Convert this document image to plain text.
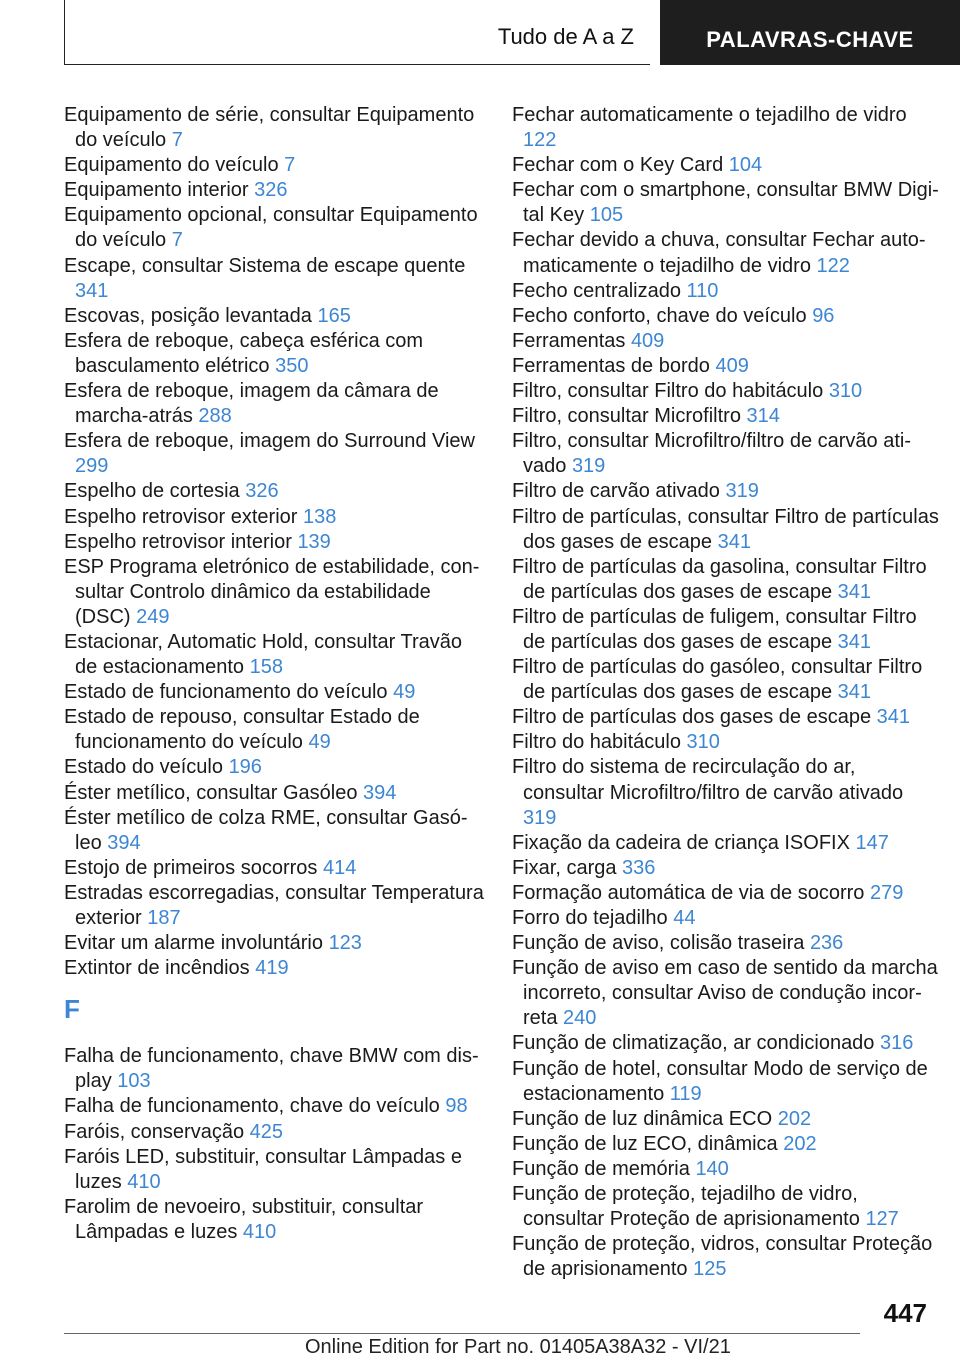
Tudo de A a Z	PALAVRAS-CHAVE
Equipamento de série, consultar Equipamento do veículo 7
Equipamento do veículo 7
Equipamento interior 326
Equipamento opcional, consultar Equipamento do veículo 7
Escape, consultar Sistema de escape quente 341
Escovas, posição levantada 165
Esfera de reboque, cabeça esférica com basculamento elétrico 350
Esfera de reboque, imagem da câmara de marcha-atrás 288
Esfera de reboque, imagem do Surround View 299
Espelho de cortesia 326
Espelho retrovisor exterior 138
Espelho retrovisor interior 139
ESP Programa eletrónico de estabilidade, consultar Controlo dinâmico da estabilidade (DSC) 249
Estacionar, Automatic Hold, consultar Travão de estacionamento 158
Estado de funcionamento do veículo 49
Estado de repouso, consultar Estado de funcionamento do veículo 49
Estado do veículo 196
Éster metílico, consultar Gasóleo 394
Éster metílico de colza RME, consultar Gasóleo 394
Estojo de primeiros socorros 414
Estradas escorregadias, consultar Temperatura exterior 187
Evitar um alarme involuntário 123
Extintor de incêndios 419
F
Falha de funcionamento, chave BMW com display 103
Falha de funcionamento, chave do veículo 98
Faróis, conservação 425
Faróis LED, substituir, consultar Lâmpadas e luzes 410
Farolim de nevoeiro, substituir, consultar Lâmpadas e luzes 410
Fechar automaticamente o tejadilho de vidro 122
Fechar com o Key Card 104
Fechar com o smartphone, consultar BMW Digital Key 105
Fechar devido a chuva, consultar Fechar automaticamente o tejadilho de vidro 122
Fecho centralizado 110
Fecho conforto, chave do veículo 96
Ferramentas 409
Ferramentas de bordo 409
Filtro, consultar Filtro do habitáculo 310
Filtro, consultar Microfiltro 314
Filtro, consultar Microfiltro/filtro de carvão ativado 319
Filtro de carvão ativado 319
Filtro de partículas, consultar Filtro de partículas dos gases de escape 341
Filtro de partículas da gasolina, consultar Filtro de partículas dos gases de escape 341
Filtro de partículas de fuligem, consultar Filtro de partículas dos gases de escape 341
Filtro de partículas do gasóleo, consultar Filtro de partículas dos gases de escape 341
Filtro de partículas dos gases de escape 341
Filtro do habitáculo 310
Filtro do sistema de recirculação do ar, consultar Microfiltro/filtro de carvão ativado 319
Fixação da cadeira de criança ISOFIX 147
Fixar, carga 336
Formação automática de via de socorro 279
Forro do tejadilho 44
Função de aviso, colisão traseira 236
Função de aviso em caso de sentido da marcha incorreto, consultar Aviso de condução incorreta 240
Função de climatização, ar condicionado 316
Função de hotel, consultar Modo de serviço de estacionamento 119
Função de luz dinâmica ECO 202
Função de luz ECO, dinâmica 202
Função de memória 140
Função de proteção, tejadilho de vidro, consultar Proteção de aprisionamento 127
Função de proteção, vidros, consultar Proteção de aprisionamento 125
447
Online Edition for Part no. 01405A38A32 - VI/21
